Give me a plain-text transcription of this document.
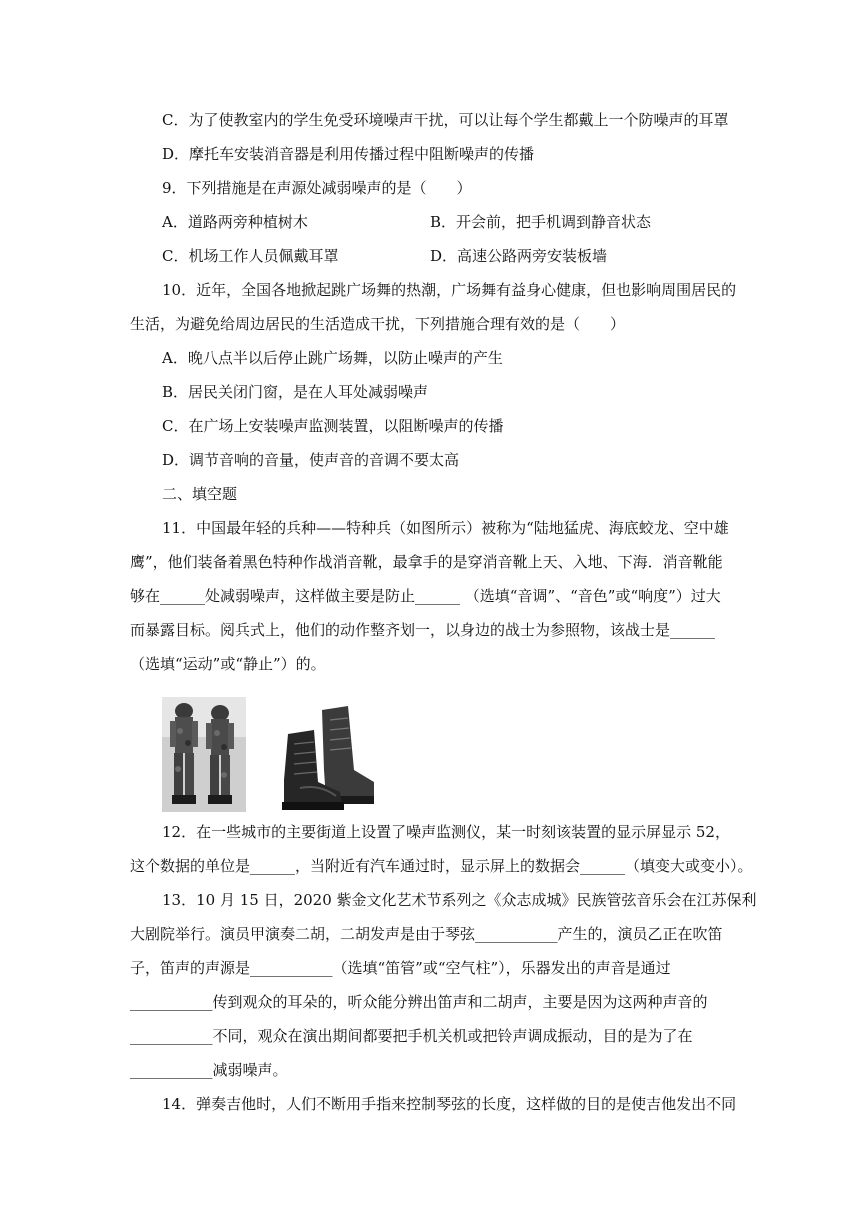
C．为了使教室内的学生免受环境噪声干扰，可以让每个学生都戴上一个防噪声的耳罩
D．摩托车安装消音器是利用传播过程中阻断噪声的传播
9．下列措施是在声源处减弱噪声的是（　　）
A．道路两旁种植树木	B．开会前，把手机调到静音状态
C．机场工作人员佩戴耳罩	D．高速公路两旁安装板墙
10．近年，全国各地掀起跳广场舞的热潮，广场舞有益身心健康，但也影响周围居民的
生活，为避免给周边居民的生活造成干扰，下列措施合理有效的是（　　）
A．晚八点半以后停止跳广场舞，以防止噪声的产生
B．居民关闭门窗，是在人耳处减弱噪声
C．在广场上安装噪声监测装置，以阻断噪声的传播
D．调节音响的音量，使声音的音调不要太高
二、填空题
11．中国最年轻的兵种——特种兵（如图所示）被称为“陆地猛虎、海底蛟龙、空中雄
鹰”，他们装备着黑色特种作战消音靴，最拿手的是穿消音靴上天、入地、下海．消音靴能
够在______处减弱噪声，这样做主要是防止______ （选填“音调”、“音色”或“响度”）过大
而暴露目标。阅兵式上，他们的动作整齐划一，以身边的战士为参照物，该战士是______
（选填“运动”或“静止”）的。
12．在一些城市的主要街道上设置了噪声监测仪，某一时刻该装置的显示屏显示 52，
这个数据的单位是______，当附近有汽车通过时，显示屏上的数据会______（填变大或变小）。
13．10 月 15 日，2020 紫金文化艺术节系列之《众志成城》民族管弦音乐会在江苏保利
大剧院举行。演员甲演奏二胡，二胡发声是由于琴弦___________产生的，演员乙正在吹笛
子，笛声的声源是___________（选填“笛管”或“空气柱”），乐器发出的声音是通过
___________传到观众的耳朵的，听众能分辨出笛声和二胡声，主要是因为这两种声音的
___________不同，观众在演出期间都要把手机关机或把铃声调成振动，目的是为了在
___________减弱噪声。
14．弹奏吉他时，人们不断用手指来控制琴弦的长度，这样做的目的是使吉他发出不同
